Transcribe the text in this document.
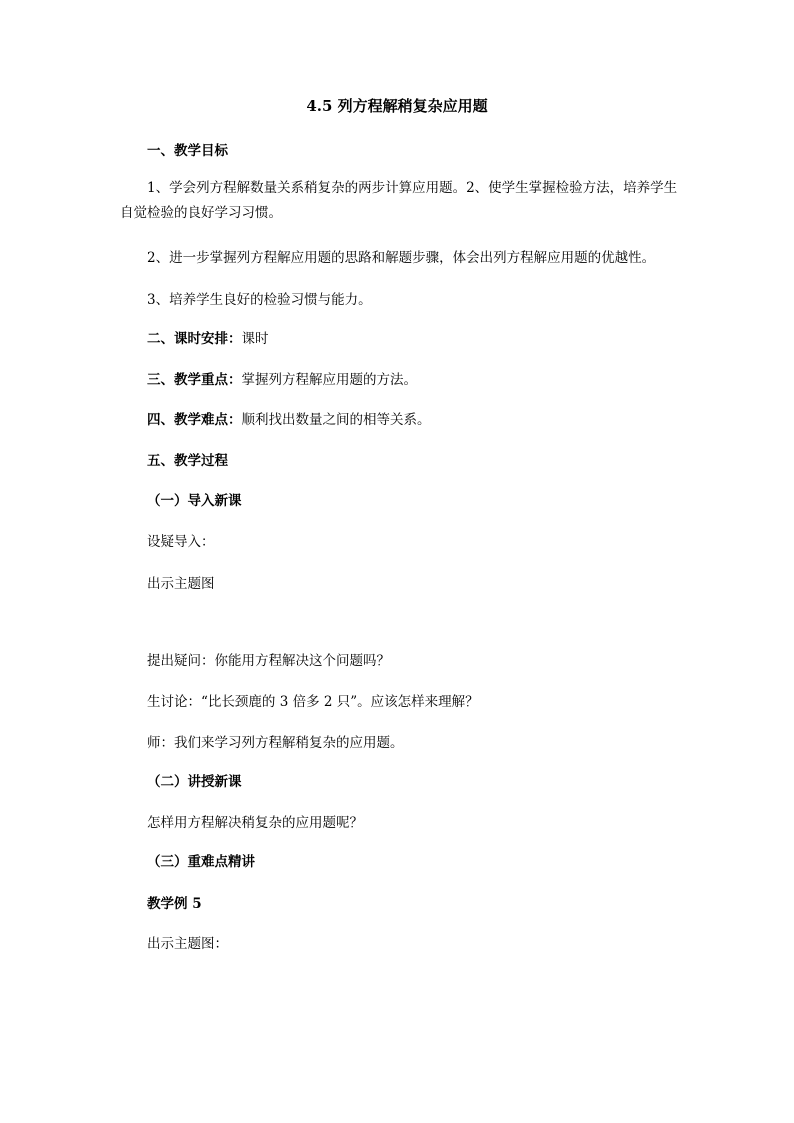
4.5 列方程解稍复杂应用题
一、教学目标
1、学会列方程解数量关系稍复杂的两步计算应用题。2、使学生掌握检验方法，培养学生自觉检验的良好学习习惯。
2、进一步掌握列方程解应用题的思路和解题步骤，体会出列方程解应用题的优越性。
3、培养学生良好的检验习惯与能力。
二、课时安排：课时
三、教学重点：掌握列方程解应用题的方法。
四、教学难点：顺利找出数量之间的相等关系。
五、教学过程
（一）导入新课
设疑导入：
出示主题图
提出疑问：你能用方程解决这个问题吗？
生讨论：“比长颈鹿的 3 倍多 2 只”。应该怎样来理解？
师：我们来学习列方程解稍复杂的应用题。
（二）讲授新课
怎样用方程解决稍复杂的应用题呢？
（三）重难点精讲
教学例 5
出示主题图：
